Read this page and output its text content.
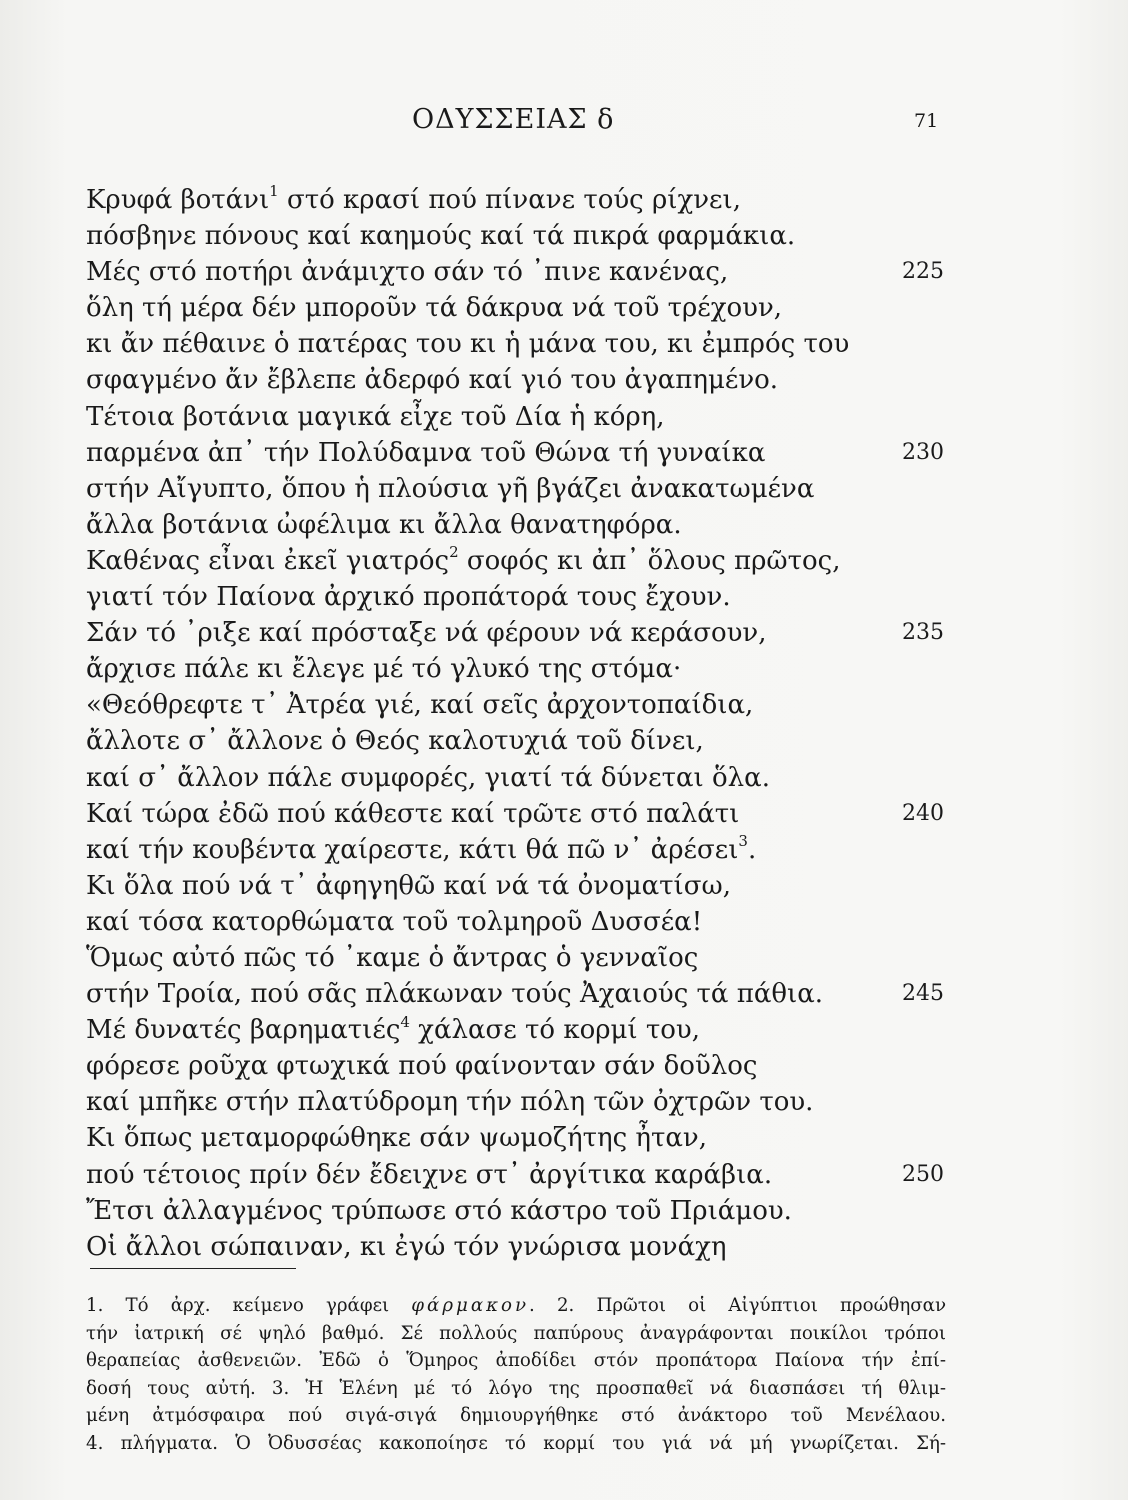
ΟΔΥΣΣΕΙΑΣ δ	71
Κρυφά βοτάνι$^1$ στό κρασί πού πίνανε τούς ρίχνει,
πόσβηνε πόνους καί καημούς καί τά πικρά φαρμάκια.
Μές στό ποτήρι ἀνάμιχτο σάν τό ᾽πινε κανένας,	225
ὅλη τή μέρα δέν μποροῦν τά δάκρυα νά τοῦ τρέχουν,
κι ἄν πέθαινε ὁ πατέρας του κι ἡ μάνα του, κι ἐμπρός του
σφαγμένο ἄν ἔβλεπε ἀδερφό καί γιό του ἀγαπημένο.
Τέτοια βοτάνια μαγικά εἶχε τοῦ Δία ἡ κόρη,
παρμένα ἀπ᾽ τήν Πολύδαμνα τοῦ Θώνα τή γυναίκα	230
στήν Αἴγυπτο, ὅπου ἡ πλούσια γῆ βγάζει ἀνακατωμένα
ἄλλα βοτάνια ὠφέλιμα κι ἄλλα θανατηφόρα.
Καθένας εἶναι ἐκεῖ γιατρός$^2$ σοφός κι ἀπ᾽ ὅλους πρῶτος,
γιατί τόν Παίονα ἀρχικό προπάτορά τους ἔχουν.
Σάν τό ᾽ριξε καί πρόσταξε νά φέρουν νά κεράσουν,	235
ἄρχισε πάλε κι ἔλεγε μέ τό γλυκό της στόμα·
«Θεόθρεφτε τ᾽ Ἀτρέα γιέ, καί σεῖς ἀρχοντοπαίδια,
ἄλλοτε σ᾽ ἄλλονε ὁ Θεός καλοτυχιά τοῦ δίνει,
καί σ᾽ ἄλλον πάλε συμφορές, γιατί τά δύνεται ὅλα.
Καί τώρα ἐδῶ πού κάθεστε καί τρῶτε στό παλάτι	240
καί τήν κουβέντα χαίρεστε, κάτι θά πῶ ν᾽ ἀρέσει$^3$.
Κι ὅλα πού νά τ᾽ ἀφηγηθῶ καί νά τά ὀνοματίσω,
καί τόσα κατορθώματα τοῦ τολμηροῦ Δυσσέα!
Ὅμως αὐτό πῶς τό ᾽καμε ὁ ἄντρας ὁ γενναῖος
στήν Τροία, πού σᾶς πλάκωναν τούς Ἀχαιούς τά πάθια.	245
Μέ δυνατές βαρηματιές$^4$ χάλασε τό κορμί του,
φόρεσε ροῦχα φτωχικά πού φαίνονταν σάν δοῦλος
καί μπῆκε στήν πλατύδρομη τήν πόλη τῶν ὀχτρῶν του.
Κι ὅπως μεταμορφώθηκε σάν ψωμοζήτης ἦταν,
πού τέτοιος πρίν δέν ἔδειχνε στ᾽ ἀργίτικα καράβια.	250
Ἔτσι ἀλλαγμένος τρύπωσε στό κάστρο τοῦ Πριάμου.
Οἱ ἄλλοι σώπαιναν, κι ἐγώ τόν γνώρισα μονάχη
1. Τό ἀρχ. κείμενο γράφει φάρμακον. 2. Πρῶτοι οἱ Αἰγύπτιοι προώθησαν
τήν ἰατρική σέ ψηλό βαθμό. Σέ πολλούς παπύρους ἀναγράφονται ποικίλοι τρόποι
θεραπείας ἀσθενειῶν. Ἐδῶ ὁ Ὅμηρος ἀποδίδει στόν προπάτορα Παίονα τήν ἐπί-
δοσή τους αὐτή. 3. Ἡ Ἑλένη μέ τό λόγο της προσπαθεῖ νά διασπάσει τή θλιμ-
μένη ἀτμόσφαιρα πού σιγά-σιγά δημιουργήθηκε στό ἀνάκτορο τοῦ Μενέλαου.
4. πλήγματα. Ὁ Ὀδυσσέας κακοποίησε τό κορμί του γιά νά μή γνωρίζεται. Σή-
